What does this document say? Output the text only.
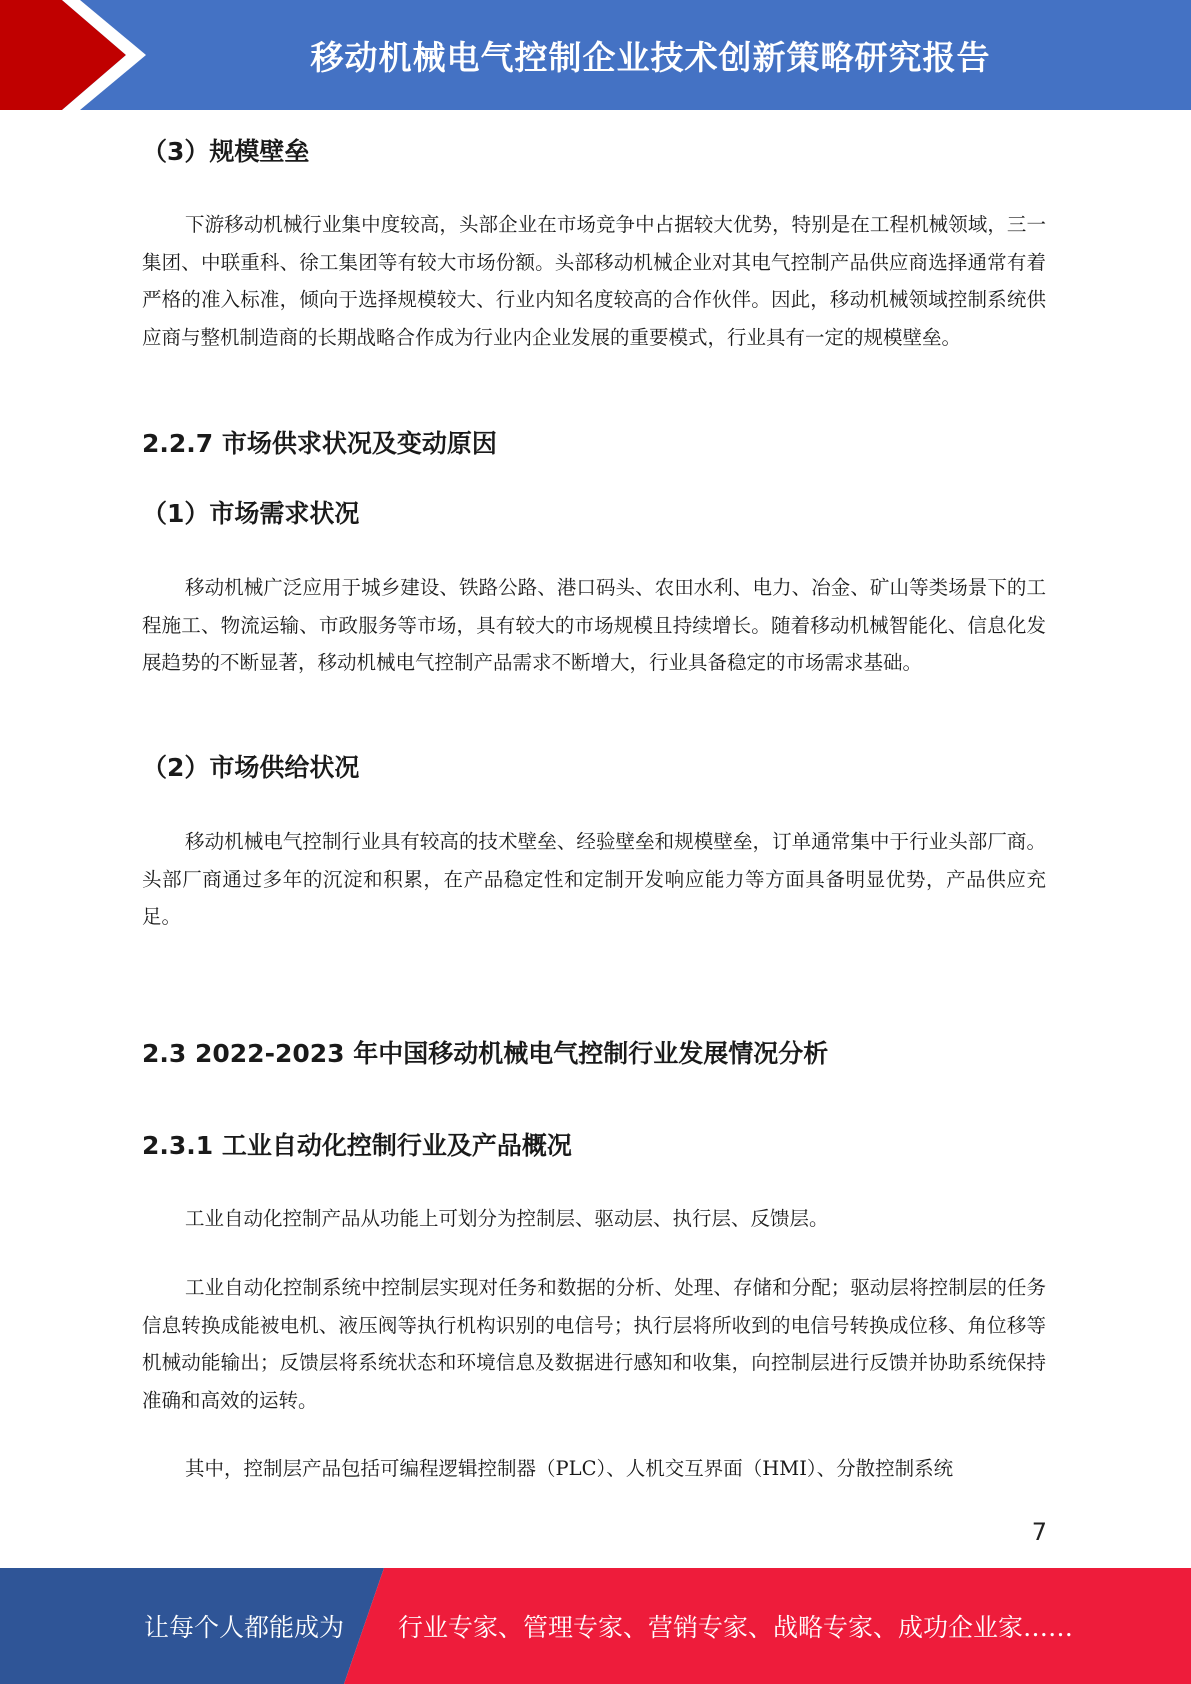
移动机械电气控制企业技术创新策略研究报告
（3）规模壁垒

下游移动机械行业集中度较高，头部企业在市场竞争中占据较大优势，特别是在工程机械领域，三一集团、中联重科、徐工集团等有较大市场份额。头部移动机械企业对其电气控制产品供应商选择通常有着严格的准入标准，倾向于选择规模较大、行业内知名度较高的合作伙伴。因此，移动机械领域控制系统供应商与整机制造商的长期战略合作成为行业内企业发展的重要模式，行业具有一定的规模壁垒。

2.2.7 市场供求状况及变动原因
（1）市场需求状况

移动机械广泛应用于城乡建设、铁路公路、港口码头、农田水利、电力、冶金、矿山等类场景下的工程施工、物流运输、市政服务等市场，具有较大的市场规模且持续增长。随着移动机械智能化、信息化发展趋势的不断显著，移动机械电气控制产品需求不断增大，行业具备稳定的市场需求基础。

（2）市场供给状况

移动机械电气控制行业具有较高的技术壁垒、经验壁垒和规模壁垒，订单通常集中于行业头部厂商。头部厂商通过多年的沉淀和积累，在产品稳定性和定制开发响应能力等方面具备明显优势，产品供应充足。

2.3 2022-2023 年中国移动机械电气控制行业发展情况分析
2.3.1 工业自动化控制行业及产品概况

工业自动化控制产品从功能上可划分为控制层、驱动层、执行层、反馈层。

工业自动化控制系统中控制层实现对任务和数据的分析、处理、存储和分配；驱动层将控制层的任务信息转换成能被电机、液压阀等执行机构识别的电信号；执行层将所收到的电信号转换成位移、角位移等机械动能输出；反馈层将系统状态和环境信息及数据进行感知和收集，向控制层进行反馈并协助系统保持准确和高效的运转。

其中，控制层产品包括可编程逻辑控制器（PLC）、人机交互界面（HMI）、分散控制系统

7
让每个人都能成为 行业专家、管理专家、营销专家、战略专家、成功企业家……
